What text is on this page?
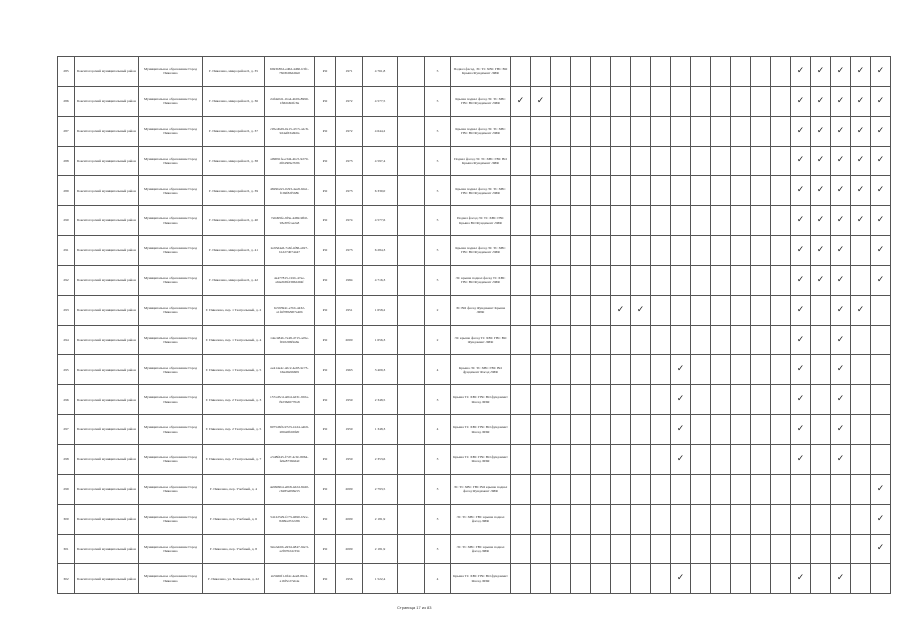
285	Бокситогорский муниципальный район	Муниципальное образование Город Пикалево	Г. Пикалево, микрорайон 6, д. 35	6b93b85d-ed6d-4d60-b3f1-78d3b06dd0e0	РО	1971	4 761,8		5	Подвал фасад, ЭС ТС ХВС ГВС ВО Крыша Фундамент ЛИФ															✓	✓	✓	✓	✓
286	Бокситогорский муниципальный район	Муниципальное образование Город Пикалево	Г. Пикалево, микрорайон 6, д. 36	24fda0d1-1ba4-4b0b-8990-1f9b6d92fc8a	РО	1972	4 577,5		5	Крыша подвал фасад ЭС ТС ХВС ГВС ВО Фундамент ЛИФ	✓	✓													✓	✓	✓	✓	✓
287	Бокситогорский муниципальный район	Муниципальное образование Город Пикалево	Г. Пикалево, микрорайон 6, д. 37	c95edbd9-0a15-47c5-a2c8-924ef63a6b6a	РО	1972	4 644,2		5	Крыша подвал фасад ЭС ТС ХВС ГВС ВО Фундамент ЛИФ															✓	✓	✓	✓	✓
288	Бокситогорский муниципальный район	Муниципальное образование Город Пикалево	Г. Пикалево, микрорайон 6, д. 38	a09091fe-e3d4-4bc5-9270-2f04309e7b8b	РО	1973	4 597,4		5	Подвал фасад ЭС ТС ХВС ГВС ВО Крыша Фундамент ЛИФ															✓	✓	✓	✓	✓
289	Бокситогорский муниципальный район	Муниципальное образование Город Пикалево	Г. Пикалево, микрорайон 6, д. 39	4829b2a5-0c93-4ea8-b0a1-f1b9f82f5b8b	РО	1973	6 330,0		5	Крыша подвал фасад ЭС ТС ХВС ГВС ВО Фундамент ЛИФ															✓	✓	✓	✓	✓
290	Бокситогорский муниципальный район	Муниципальное образование Город Пикалево	Г. Пикалево, микрорайон 6, д. 40	7a6d95fe-9f3e-4d69-9fb0-93e87fcaa2a8	РО	1974	4 577,6		5	Подвал фасад ЭС ТС ХВС ГВС Крыша ВО Фундамент ЛИФ															✓	✓	✓	✓	✓
291	Бокситогорский муниципальный район	Муниципальное образование Город Пикалево	Г. Пикалево, микрорайон 6, д. 41	2e93d4e6-7a6f-4f86-a027-b1d27d074447	РО	1973	6 284,3		5	Крыша подвал фасад ЭС ТС ХВС ГВС ВО Фундамент ЛИФ															✓	✓	✓		✓
292	Бокситогорский муниципальный район	Муниципальное образование Город Пикалево	Г. Пикалево, микрорайон 6, д. 42	4a477815-191b-47ae-a64e8d5fd3962d04f	РО	1984	4 716,3		5	ЭС крыша подвал фасад ТС ХВС ГВС ВО Фундамент ЛИФ															✓	✓	✓		✓
293	Бокситогорский муниципальный район	Муниципальное образование Город Пикалево	Г. Пикалево, пер. 1 Театральный, д. 2	6c593941-e7bb-4432-a1f4f7882907a40b	РО	1951	1 658,2		2	ЭС ВО фасад Фундамент Крыша ЛИФ						✓	✓								✓		✓	✓	
294	Бокситогорский муниципальный район	Муниципальное образование Город Пикалево	Г. Пикалево, пер. 1 Театральный, д. 4	1dec484b-7a48-4715-ad5e-f010206f9a8e	РО	2000	1 656,3		2	ЭС крыша фасад ТС ХВС ГВС ВО Фундамент ЛИФ															✓		✓		
295	Бокситогорский муниципальный район	Муниципальное образование Город Пикалево	Г. Пикалево, пер. 1 Театральный, д. 5	ee414e4c-a0c2-4e93-9c73-b6ad9a9b609	РО	1963	3 409,3		4	Крыша ЭС ТС ХВС ГВС ВО фундамент Фасад ЛИФ									✓						✓		✓		
296	Бокситогорский муниципальный район	Муниципальное образование Город Пикалево	Г. Пикалево, пер. 2 Театральный, д. 3	157ad5cd-a0bd-4d31-9b5a-f9236d6770a8	РО	1959	2 348,5		3	Крыша ТС ХВС ГВС ВО фундамент Фасад ЛИФ									✓						✓		✓		
297	Бокситогорский муниципальный район	Муниципальное образование Город Пикалево	Г. Пикалево, пер. 2 Театральный, д. 5	9075d6fb-9723-41d4-a4b9-206a0fb69f20	РО	1959	1 348,3		4	Крыша ТС ХВС ГВС ВО фундамент Фасад ЛИФ									✓						✓		✓		
298	Бокситогорский муниципальный район	Муниципальное образование Город Пикалево	Г. Пикалево, пер. 2 Театральный, д. 7	e5d8fd45-f7d7-4c9c-8064-fe9e8739dda0	РО	1959	2 353,6		3	Крыша ТС ХВС ГВС ВО фундамент Фасад ЛИФ									✓						✓		✓		
299	Бокситогорский муниципальный район	Муниципальное образование Город Пикалево	Г. Пикалево, пер. Учебный, д. 4	4e98d9b4-e0b8-4d2d-8420-c6285e098e55	РО	2009	2 793,5		3	ЭС ТС ХВС ГВС ВО крыша подвал фасад Фундамент ЛИФ																			✓
300	Бокситогорский муниципальный район	Муниципальное образование Город Пикалево	Г. Пикалево, пер. Учебный, д. 6	54122529-fc73-4690-b3ce-8d99ad722c86	РО	2009	2 181,9		3	ЭС ТС ХВС ГВС крыша подвал фасад ЛИФ																			✓
301	Бокситогорский муниципальный район	Муниципальное образование Город Пикалево	Г. Пикалево, пер. Учебный, д. 8	32e2eb6b-e93d-4847-94c3-a2f9702dc334	РО	2009	2 181,9		3	ЭС ТС ХВС ГВС крыша подвал фасад ЛИФ																			✓
302	Бокситогорский муниципальный район	Муниципальное образование Город Пикалево	Г. Пикалево, ул. Больничная, д. 22	2e59d6f1-6f4c-4ee8-89c4-a16f5c27eb4e	РО	1956	1 522,4		4	Крыша ТС ХВС ГВС ВО фундамент Фасад ЛИФ									✓						✓		✓		
Страница 17 из 83
